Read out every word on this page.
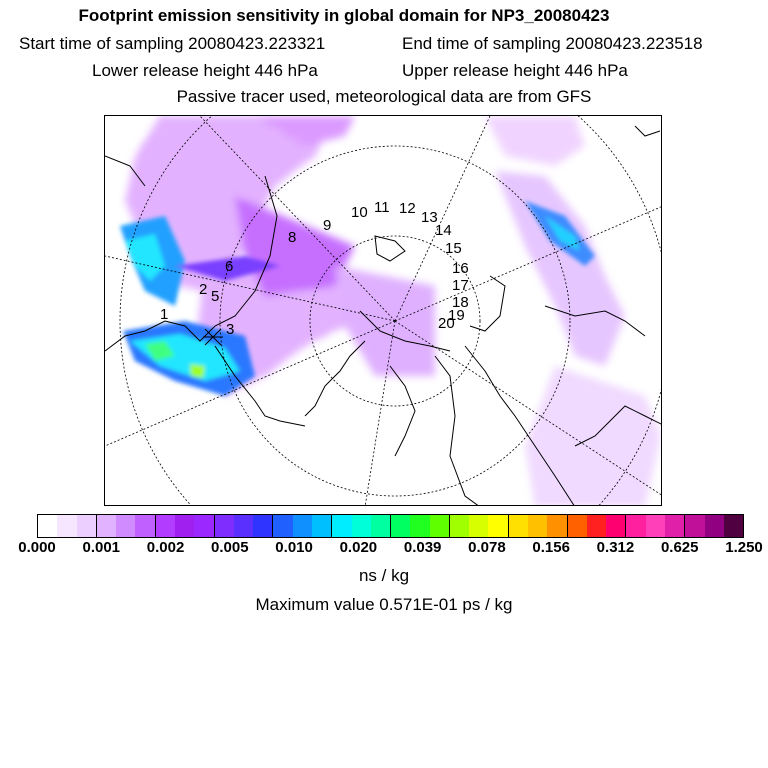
Footprint emission sensitivity in global domain for NP3_20080423
Start time of sampling 20080423.223321	End time of sampling 20080423.223518
Lower release height 446 hPa	Upper release height 446 hPa
Passive tracer used, meteorological data are from GFS
1
2
3
5
6
8
9
10 11 12
13
14
15
16
17
18
19
20
0.000 0.001 0.002 0.005 0.010 0.020 0.039 0.078 0.156 0.312 0.625 1.250
ns / kg
Maximum value 0.571E-01 ps / kg
